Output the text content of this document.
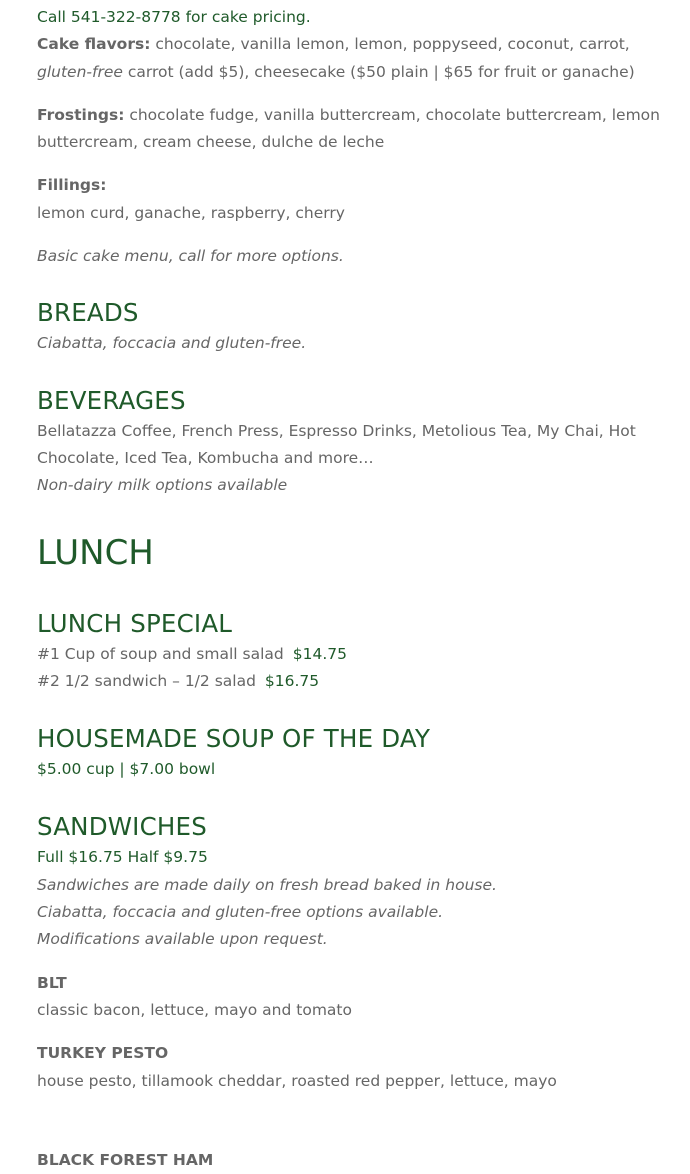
Call 541-322-8778 for cake pricing.

Cake flavors: chocolate, vanilla lemon, lemon, poppyseed, coconut, carrot, gluten-free carrot (add $5), cheesecake ($50 plain | $65 for fruit or ganache)

Frostings: chocolate fudge, vanilla buttercream, chocolate buttercream, lemon buttercream, cream cheese, dulche de leche

Fillings:

lemon curd, ganache, raspberry, cherry

Basic cake menu, call for more options.

BREADS

Ciabatta, foccacia and gluten-free.

BEVERAGES

Bellatazza Coffee, French Press, Espresso Drinks, Metolious Tea, My Chai, Hot Chocolate, Iced Tea, Kombucha and more…

Non-dairy milk options available

LUNCH
LUNCH SPECIAL

#1 Cup of soup and small salad $14.75

#2 1/2 sandwich – 1/2 salad $16.75

HOUSEMADE SOUP OF THE DAY

$5.00 cup | $7.00 bowl

SANDWICHES

Full $16.75 Half $9.75

Sandwiches are made daily on fresh bread baked in house.

Ciabatta, foccacia and gluten-free options available.

Modifications available upon request.

BLT

classic bacon, lettuce, mayo and tomato

TURKEY PESTO

house pesto, tillamook cheddar, roasted red pepper, lettuce, mayo

BLACK FOREST HAM
